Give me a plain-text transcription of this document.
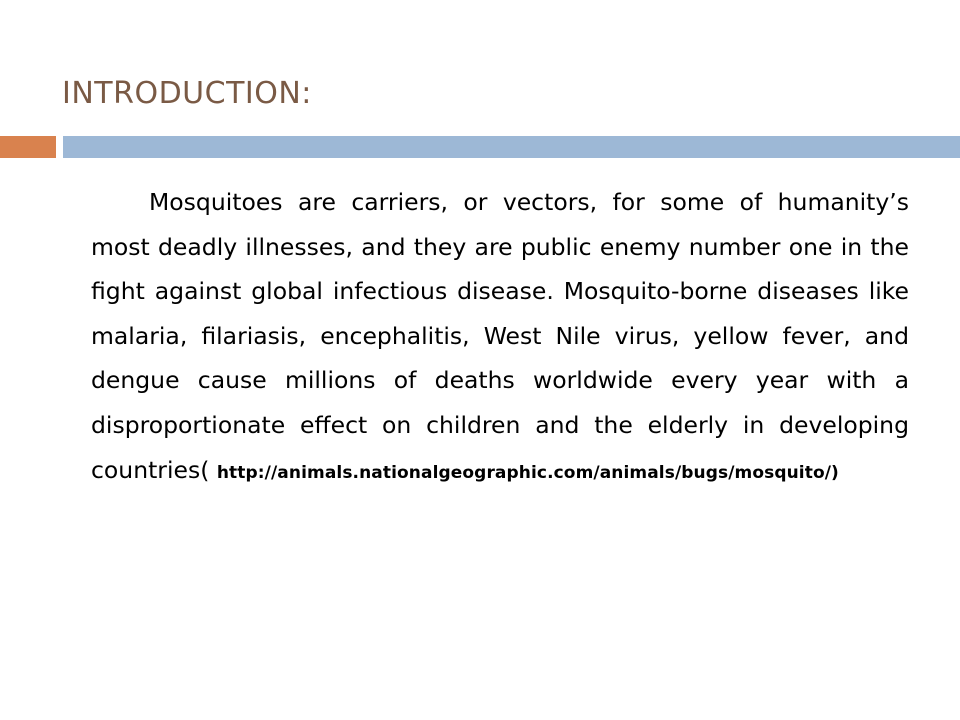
INTRODUCTION:
Mosquitoes are carriers, or vectors, for some of humanity’s most deadly illnesses, and they are public enemy number one in the fight against global infectious disease. Mosquito-borne diseases like malaria, filariasis, encephalitis, West Nile virus, yellow fever, and dengue cause millions of deaths worldwide every year with a disproportionate effect on children and the elderly in developing countries( http://animals.nationalgeographic.com/animals/bugs/mosquito/)
